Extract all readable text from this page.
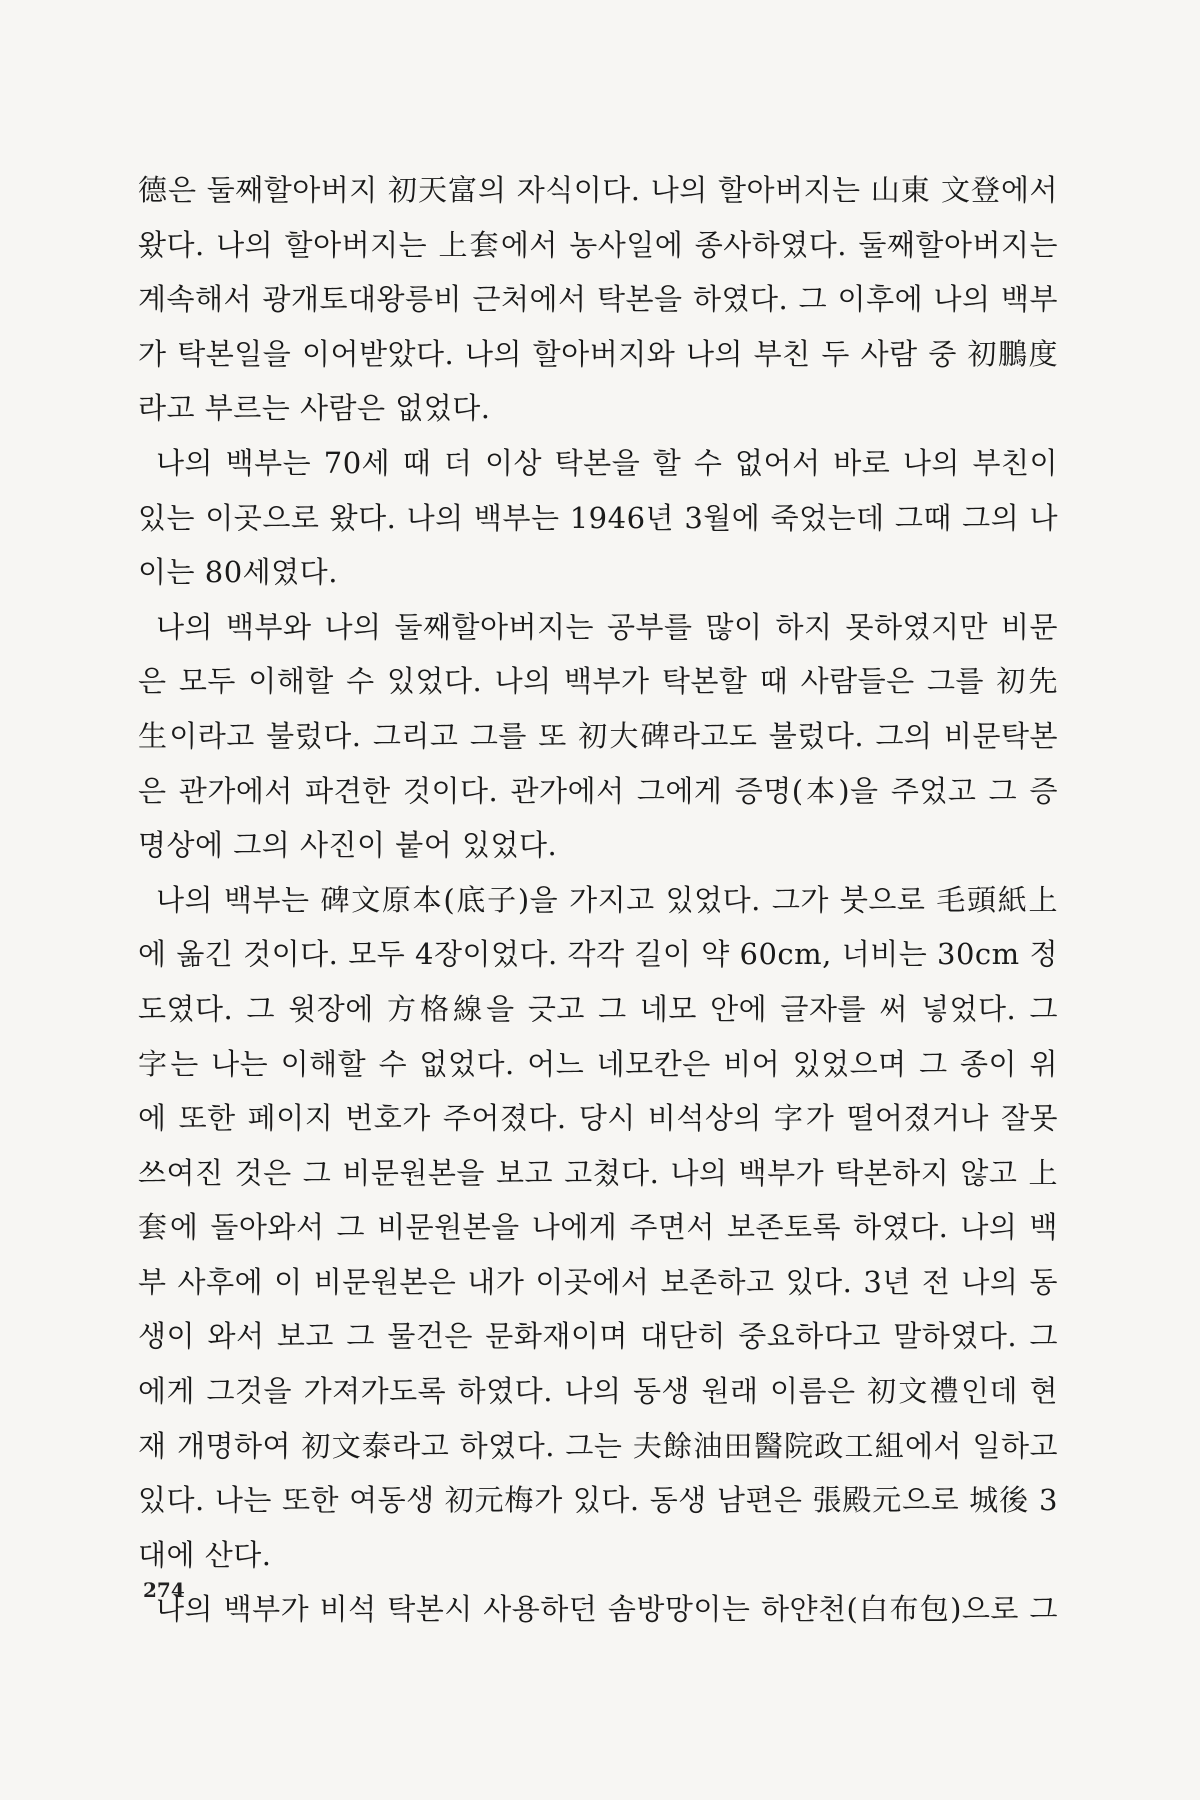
德은 둘째할아버지 初天富의 자식이다. 나의 할아버지는 山東 文登에서
왔다. 나의 할아버지는 上套에서 농사일에 종사하였다. 둘째할아버지는
계속해서 광개토대왕릉비 근처에서 탁본을 하였다. 그 이후에 나의 백부
가 탁본일을 이어받았다. 나의 할아버지와 나의 부친 두 사람 중 初鵬度
라고 부르는 사람은 없었다.
나의 백부는 70세 때 더 이상 탁본을 할 수 없어서 바로 나의 부친이
있는 이곳으로 왔다. 나의 백부는 1946년 3월에 죽었는데 그때 그의 나
이는 80세였다.
나의 백부와 나의 둘째할아버지는 공부를 많이 하지 못하였지만 비문
은 모두 이해할 수 있었다. 나의 백부가 탁본할 때 사람들은 그를 初先
生이라고 불렀다. 그리고 그를 또 初大碑라고도 불렀다. 그의 비문탁본
은 관가에서 파견한 것이다. 관가에서 그에게 증명(本)을 주었고 그 증
명상에 그의 사진이 붙어 있었다.
나의 백부는 碑文原本(底子)을 가지고 있었다. 그가 붓으로 毛頭紙上
에 옮긴 것이다. 모두 4장이었다. 각각 길이 약 60cm, 너비는 30cm 정
도였다. 그 윗장에 方格線을 긋고 그 네모 안에 글자를 써 넣었다. 그
字는 나는 이해할 수 없었다. 어느 네모칸은 비어 있었으며 그 종이 위
에 또한 페이지 번호가 주어졌다. 당시 비석상의 字가 떨어졌거나 잘못
쓰여진 것은 그 비문원본을 보고 고쳤다. 나의 백부가 탁본하지 않고 上
套에 돌아와서 그 비문원본을 나에게 주면서 보존토록 하였다. 나의 백
부 사후에 이 비문원본은 내가 이곳에서 보존하고 있다. 3년 전 나의 동
생이 와서 보고 그 물건은 문화재이며 대단히 중요하다고 말하였다. 그
에게 그것을 가져가도록 하였다. 나의 동생 원래 이름은 初文禮인데 현
재 개명하여 初文泰라고 하였다. 그는 夫餘油田醫院政工組에서 일하고
있다. 나는 또한 여동생 初元梅가 있다. 동생 남편은 張殿元으로 城後 3
대에 산다.
나의 백부가 비석 탁본시 사용하던 솜방망이는 하얀천(白布包)으로 그
274
